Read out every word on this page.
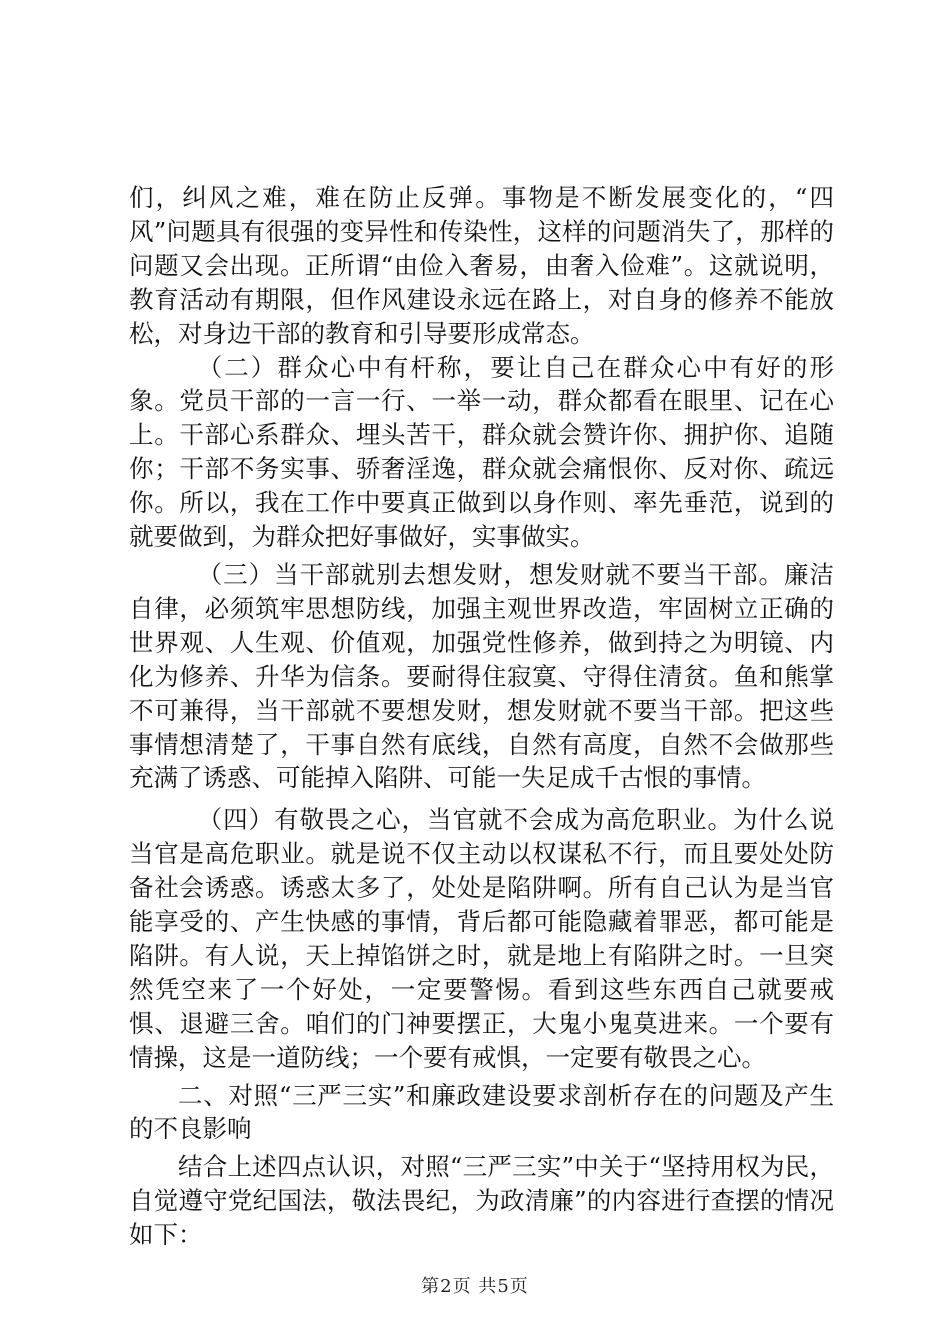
们，纠风之难，难在防止反弹。事物是不断发展变化的，“四风”问题具有很强的变异性和传染性，这样的问题消失了，那样的问题又会出现。正所谓“由俭入奢易，由奢入俭难”。这就说明，教育活动有期限，但作风建设永远在路上，对自身的修养不能放松，对身边干部的教育和引导要形成常态。

（二）群众心中有杆称，要让自己在群众心中有好的形象。党员干部的一言一行、一举一动，群众都看在眼里、记在心上。干部心系群众、埋头苦干，群众就会赞许你、拥护你、追随你；干部不务实事、骄奢淫逸，群众就会痛恨你、反对你、疏远你。所以，我在工作中要真正做到以身作则、率先垂范，说到的就要做到，为群众把好事做好，实事做实。

（三）当干部就别去想发财，想发财就不要当干部。廉洁自律，必须筑牢思想防线，加强主观世界改造，牢固树立正确的世界观、人生观、价值观，加强党性修养，做到持之为明镜、内化为修养、升华为信条。要耐得住寂寞、守得住清贫。鱼和熊掌不可兼得，当干部就不要想发财，想发财就不要当干部。把这些事情想清楚了，干事自然有底线，自然有高度，自然不会做那些充满了诱惑、可能掉入陷阱、可能一失足成千古恨的事情。

（四）有敬畏之心，当官就不会成为高危职业。为什么说当官是高危职业。就是说不仅主动以权谋私不行，而且要处处防备社会诱惑。诱惑太多了，处处是陷阱啊。所有自己认为是当官能享受的、产生快感的事情，背后都可能隐藏着罪恶，都可能是陷阱。有人说，天上掉馅饼之时，就是地上有陷阱之时。一旦突然凭空来了一个好处，一定要警惕。看到这些东西自己就要戒惧、退避三舍。咱们的门神要摆正，大鬼小鬼莫进来。一个要有情操，这是一道防线；一个要有戒惧，一定要有敬畏之心。

二、对照“三严三实”和廉政建设要求剖析存在的问题及产生的不良影响

结合上述四点认识，对照“三严三实”中关于“坚持用权为民，自觉遵守党纪国法，敬法畏纪，为政清廉”的内容进行查摆的情况如下：

第2页 共5页
